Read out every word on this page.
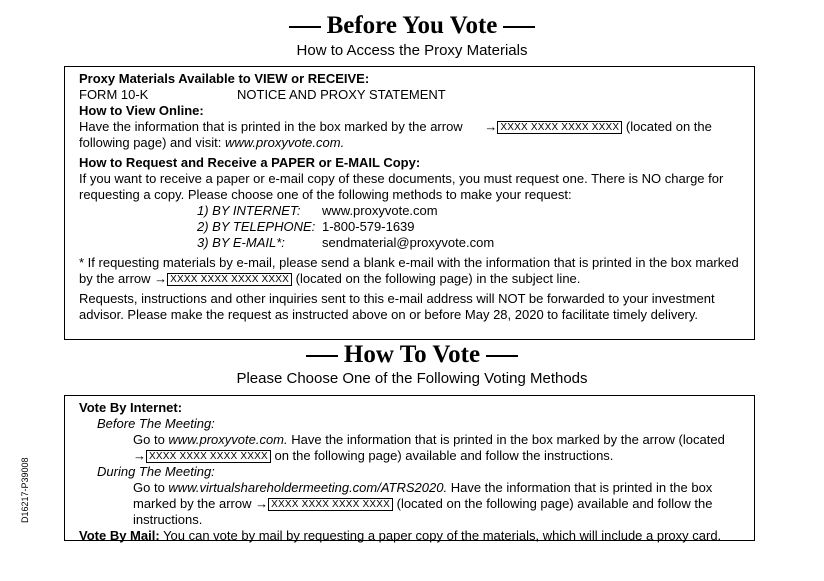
Before You Vote
How to Access the Proxy Materials
Proxy Materials Available to VIEW or RECEIVE:
FORM 10-K	NOTICE AND PROXY STATEMENT
How to View Online:
Have the information that is printed in the box marked by the arrow → XXXX XXXX XXXX XXXX (located on the following page) and visit: www.proxyvote.com.
How to Request and Receive a PAPER or E-MAIL Copy:
If you want to receive a paper or e-mail copy of these documents, you must request one. There is NO charge for requesting a copy. Please choose one of the following methods to make your request:
1) BY INTERNET: www.proxyvote.com
2) BY TELEPHONE: 1-800-579-1639
3) BY E-MAIL*:	sendmaterial@proxyvote.com
* If requesting materials by e-mail, please send a blank e-mail with the information that is printed in the box marked by the arrow → XXXX XXXX XXXX XXXX (located on the following page) in the subject line.
Requests, instructions and other inquiries sent to this e-mail address will NOT be forwarded to your investment advisor. Please make the request as instructed above on or before May 28, 2020 to facilitate timely delivery.
How To Vote
Please Choose One of the Following Voting Methods
Vote By Internet:
Before The Meeting:
Go to www.proxyvote.com. Have the information that is printed in the box marked by the arrow (located → XXXX XXXX XXXX XXXX on the following page) available and follow the instructions.
During The Meeting:
Go to www.virtualshareholdermeeting.com/ATRS2020. Have the information that is printed in the box marked by the arrow → XXXX XXXX XXXX XXXX (located on the following page) available and follow the instructions.
Vote By Mail: You can vote by mail by requesting a paper copy of the materials, which will include a proxy card.
D16217-P39008
